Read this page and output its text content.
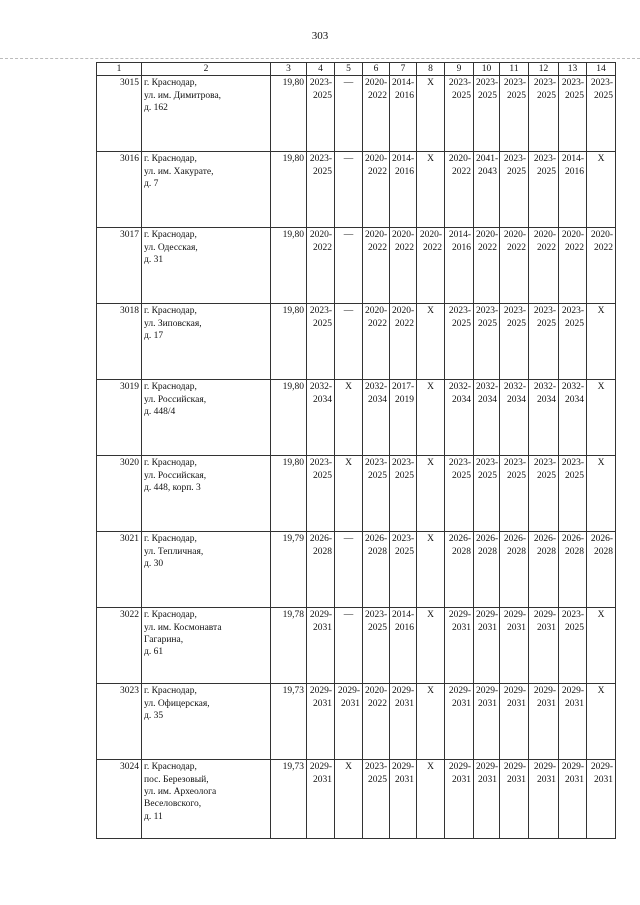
303
1	2	3	4	5	6	7	8	9	10	11	12	13	14
3015	г. Краснодар,
ул. им. Димитрова,
д. 162	19,80	2023-
2025	—	2020-
2022	2014-
2016	X	2023-
2025	2023-
2025	2023-
2025	2023-
2025	2023-
2025	2023-
2025

3016	г. Краснодар,
ул. им. Хакурате,
д. 7	19,80	2023-
2025	—	2020-
2022	2014-
2016	X	2020-
2022	2041-
2043	2023-
2025	2023-
2025	2014-
2016	X
3017	г. Краснодар,
ул. Одесская,
д. 31	19,80	2020-
2022	—	2020-
2022	2020-
2022	2020-
2022	2014-
2016	2020-
2022	2020-
2022	2020-
2022	2020-
2022	2020-
2022

3018	г. Краснодар,
ул. Зиповская,
д. 17	19,80	2023-
2025	—	2020-
2022	2020-
2022	X	2023-
2025	2023-
2025	2023-
2025	2023-
2025	2023-
2025	X
3019	г. Краснодар,
ул. Российская,
д. 448/4	19,80	2032-
2034	X	2032-
2034	2017-
2019	X	2032-
2034	2032-
2034	2032-
2034	2032-
2034	2032-
2034	X
3020	г. Краснодар,
ул. Российская,
д. 448, корп. 3	19,80	2023-
2025	X	2023-
2025	2023-
2025	X	2023-
2025	2023-
2025	2023-
2025	2023-
2025	2023-
2025	X
3021	г. Краснодар,
ул. Тепличная,
д. 30	19,79	2026-
2028	—	2026-
2028	2023-
2025	X	2026-
2028	2026-
2028	2026-
2028	2026-
2028	2026-
2028	2026-
2028

3022	г. Краснодар,
ул. им. Космонавта
Гагарина,
д. 61	19,78	2029-
2031	—	2023-
2025	2014-
2016	X	2029-
2031	2029-
2031	2029-
2031	2029-
2031	2023-
2025	X
3023	г. Краснодар,
ул. Офицерская,
д. 35	19,73	2029-
2031	2029-
2031	2020-
2022	2029-
2031	X	2029-
2031	2029-
2031	2029-
2031	2029-
2031	2029-
2031	X
3024	г. Краснодар,
пос. Березовый,
ул. им. Археолога
Веселовского,
д. 11	19,73	2029-
2031	X	2023-
2025	2029-
2031	X	2029-
2031	2029-
2031	2029-
2031	2029-
2031	2029-
2031	2029-
2031
